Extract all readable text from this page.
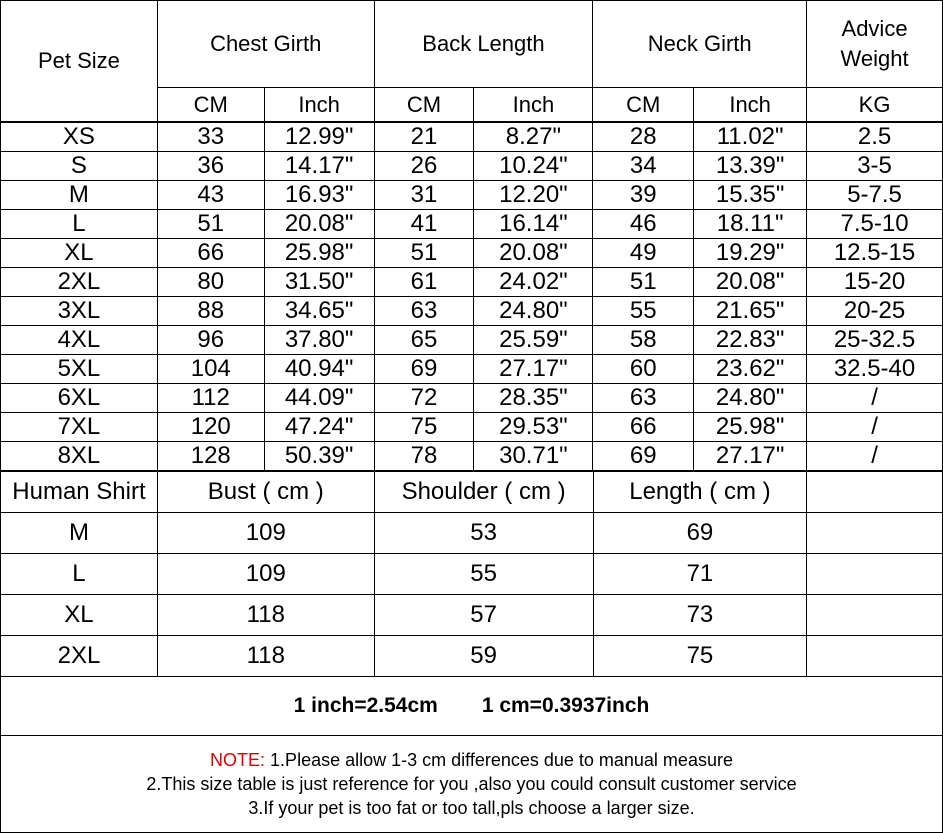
Pet Size	Chest Girth		Back Length		Neck Girth		Advice Weight
	CM	Inch	CM	Inch	CM	Inch	KG
XS	33	12.99"	21	8.27"	28	11.02"	2.5
S	36	14.17"	26	10.24"	34	13.39"	3-5
M	43	16.93"	31	12.20"	39	15.35"	5-7.5
L	51	20.08"	41	16.14"	46	18.11"	7.5-10
XL	66	25.98"	51	20.08"	49	19.29"	12.5-15
2XL	80	31.50"	61	24.02"	51	20.08"	15-20
3XL	88	34.65"	63	24.80"	55	21.65"	20-25
4XL	96	37.80"	65	25.59"	58	22.83"	25-32.5
5XL	104	40.94"	69	27.17"	60	23.62"	32.5-40
6XL	112	44.09"	72	28.35"	63	24.80"	/
7XL	120	47.24"	75	29.53"	66	25.98"	/
8XL	128	50.39"	78	30.71"	69	27.17"	/
Human Shirt	Bust ( cm )	Shoulder ( cm )	Length ( cm )	
M	109	53	69	
L	109	55	71	
XL	118	57	73	
2XL	118	59	75	
1 inch=2.54cm 1 cm=0.3937inch
NOTE: 1.Please allow 1-3 cm differences due to manual measure
2.This size table is just reference for you ,also you could consult customer service
3.If your pet is too fat or too tall,pls choose a larger size.
